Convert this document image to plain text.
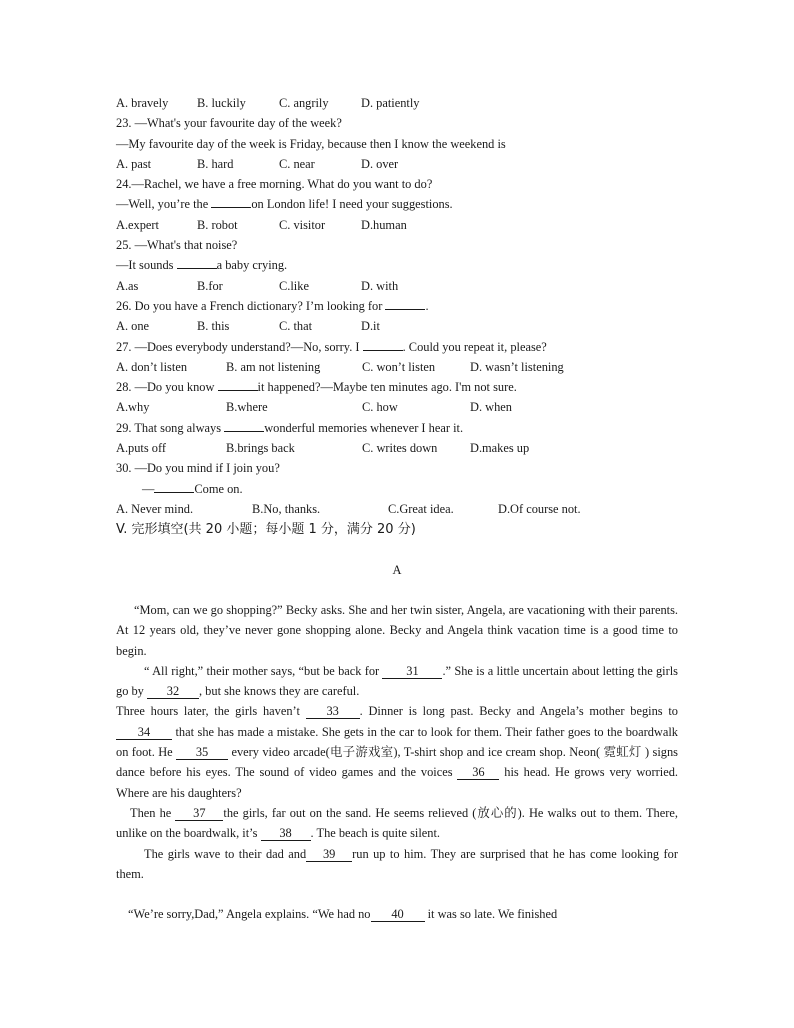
A. bravely B. luckily	C. angrily	D. patiently
23. —What's your favourite day of the week?
—My favourite day of the week is Friday, because then I know the weekend is
A. past	B. hard	C. near	D. over
24.—Rachel, we have a free morning. What do you want to do?
—Well, you’re the	on London life! I need your suggestions.
A.expert	B. robot	C. visitor	D.human
25. —What's that noise?
—It sounds	a baby crying.
A.as	B.for	C.like	D. with
26. Do you have a French dictionary? I’m looking for	.
A. one	B. this	C. that	D.it
27. —Does everybody understand?—No, sorry. I	. Could you repeat it, please?
A. don’t listen	B. am not listening	C. won’t listen	D. wasn’t listening
28. —Do you know	it happened?—Maybe ten minutes ago. I'm not sure.
A.why	B.where	C. how	D. when
29. That song always	wonderful memories whenever I hear it.
A.puts off	B.brings back	C. writes down	D.makes up
30. —Do you mind if I join you?
—	Come on.
A. Never mind.	B.No, thanks.	C.Great idea.	D.Of course not.
V. 完形填空(共 20 小题；每小题 1 分，满分 20 分)
A

“Mom, can we go shopping?” Becky asks. She and her twin sister, Angela, are vacationing with their parents. At 12 years old, they’ve never gone shopping alone. Becky and Angela think vacation time is a good time to begin.

“ All right,” their mother says, “but be back for 31 .” She is a little uncertain about letting the girls go by 32 , but she knows they are careful.

Three hours later, the girls haven’t 33 . Dinner is long past. Becky and Angela’s mother begins to 34 that she has made a mistake. She gets in the car to look for them. Their father goes to the boardwalk on foot. He 35 every video arcade(电子游戏室), T-shirt shop and ice cream shop. Neon( 霓虹灯 ) signs dance before his eyes. The sound of video games and the voices 36 his head. He grows very worried. Where are his daughters?

Then he 37 the girls, far out on the sand. He seems relieved (放心的). He walks out to them. There, unlike on the boardwalk, it’s 38 . The beach is quite silent.

The girls wave to their dad and 39 run up to him. They are surprised that he has come looking for them.

“We’re sorry,Dad,” Angela explains. “We had no 40 it was so late. We finished
